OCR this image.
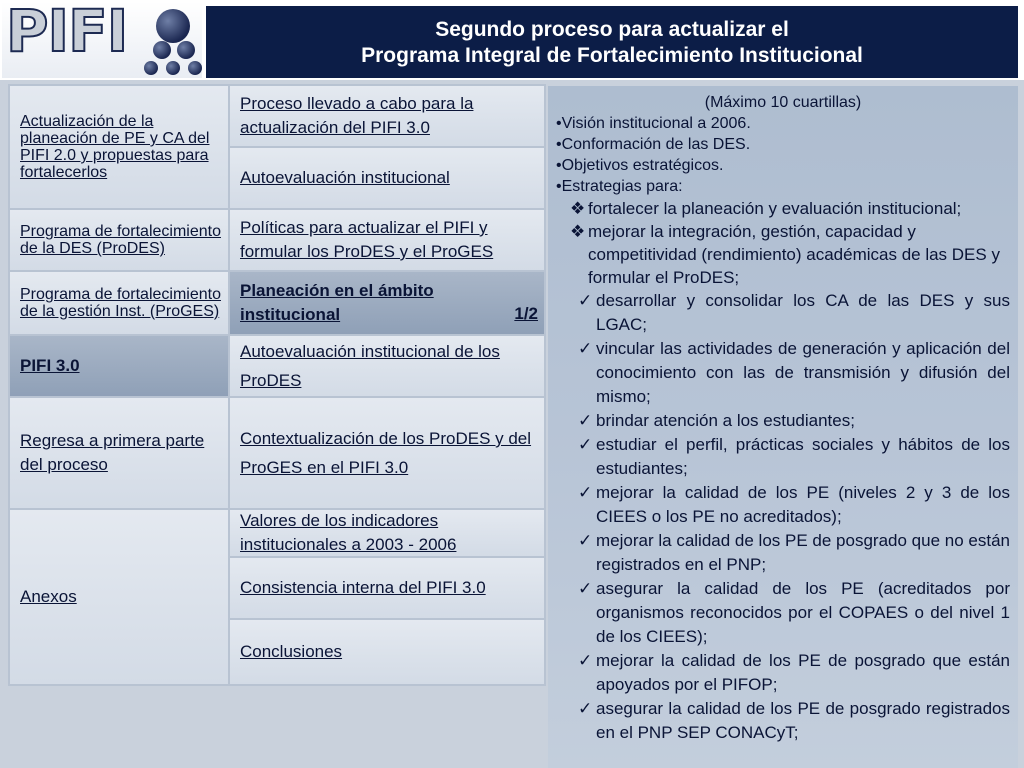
PIFI	Segundo proceso para actualizar el
Programa Integral de Fortalecimiento Institucional
Actualización de la planeación de PE y CA del PIFI 2.0 y propuestas para fortalecerlos
Programa de fortalecimiento de la DES (ProDES)
Programa de fortalecimiento de la gestión Inst. (ProGES)
PIFI 3.0
Regresa a primera parte del proceso
Anexos
Proceso llevado a cabo para la actualización del PIFI 3.0
Autoevaluación institucional
Políticas para actualizar el PIFI y formular los ProDES y el ProGES
Planeación en el ámbito institucional	1/2
Autoevaluación institucional de los ProDES
Contextualización de los ProDES y del ProGES en el PIFI 3.0
Valores de los indicadores institucionales a 2003 - 2006
Consistencia interna del PIFI 3.0
Conclusiones
(Máximo 10 cuartillas)
•Visión institucional a 2006.
•Conformación de las DES.
•Objetivos estratégicos.
•Estrategias para:
❖ fortalecer la planeación y evaluación institucional;
❖ mejorar la integración, gestión, capacidad y competitividad (rendimiento) académicas de las DES y formular el ProDES;
✓ desarrollar y consolidar los CA de las DES y sus LGAC;
✓ vincular las actividades de generación y aplicación del conocimiento con las de transmisión y difusión del mismo;
✓ brindar atención a los estudiantes;
✓ estudiar el perfil, prácticas sociales y hábitos de los estudiantes;
✓ mejorar la calidad de los PE (niveles 2 y 3 de los CIEES o los PE no acreditados);
✓ mejorar la calidad de los PE de posgrado que no están registrados en el PNP;
✓ asegurar la calidad de los PE (acreditados por organismos reconocidos por el COPAES o del nivel 1 de los CIEES);
✓ mejorar la calidad de los PE de posgrado que están apoyados por el PIFOP;
✓ asegurar la calidad de los PE de posgrado registrados en el PNP SEP CONACyT;
